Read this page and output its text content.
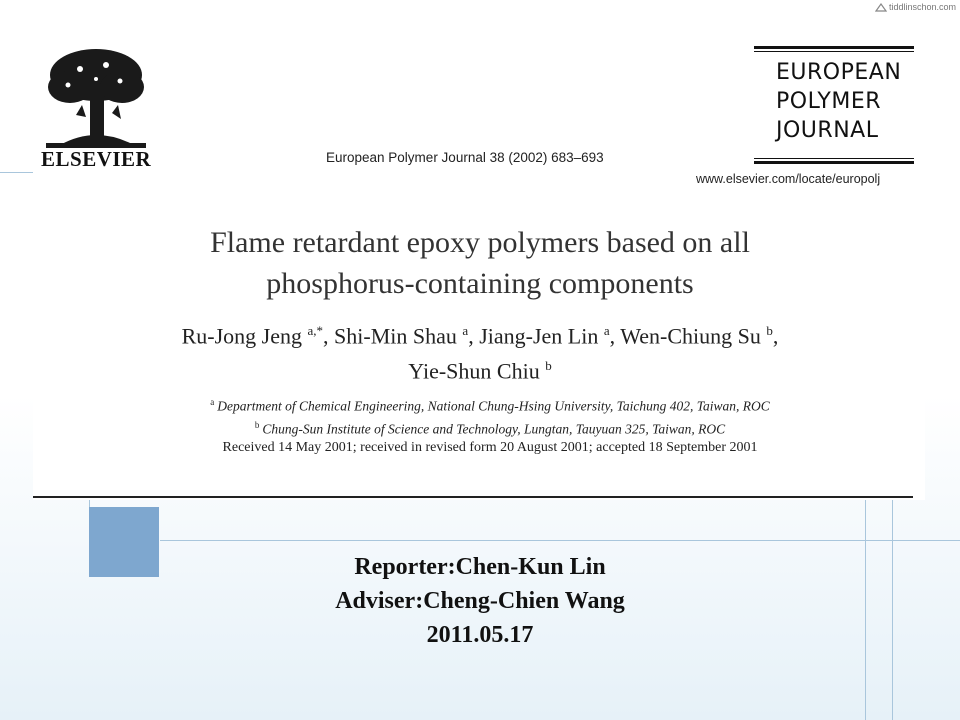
tiddlinschon.com
ELSEVIER	European Polymer Journal 38 (2002) 683–693
EUROPEAN
POLYMER
JOURNAL
www.elsevier.com/locate/europolj
Flame retardant epoxy polymers based on all
phosphorus-containing components
Ru-Jong Jeng $^{a,*}$, Shi-Min Shau $^a$, Jiang-Jen Lin $^a$, Wen-Chiung Su $^b$,
Yie-Shun Chiu $^b$
$^a$ Department of Chemical Engineering, National Chung-Hsing University, Taichung 402, Taiwan, ROC
$^b$ Chung-Sun Institute of Science and Technology, Lungtan, Tauyuan 325, Taiwan, ROC
Received 14 May 2001; received in revised form 20 August 2001; accepted 18 September 2001
Reporter:Chen-Kun Lin
Adviser:Cheng-Chien Wang
2011.05.17
